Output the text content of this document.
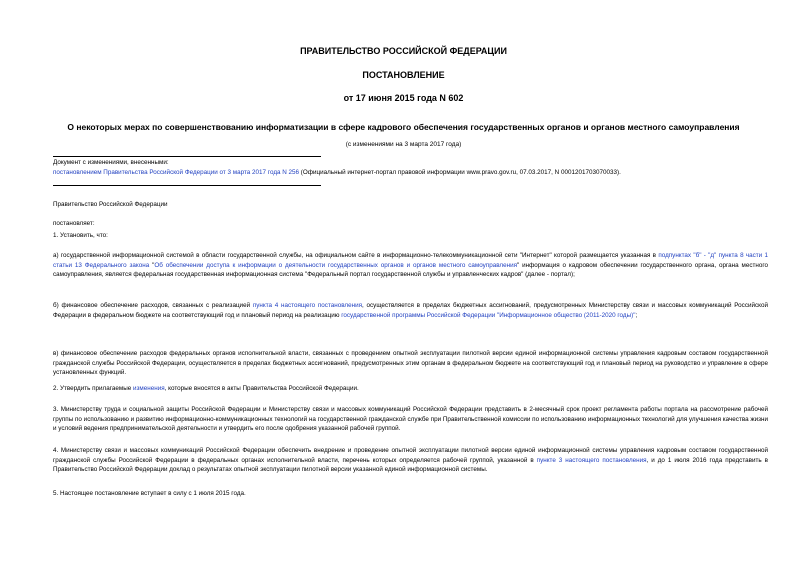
ПРАВИТЕЛЬСТВО РОССИЙСКОЙ ФЕДЕРАЦИИ
ПОСТАНОВЛЕНИЕ
от 17 июня 2015 года N 602
О некоторых мерах по совершенствованию информатизации в сфере кадрового обеспечения государственных органов и органов местного самоуправления
(с изменениями на 3 марта 2017 года)
Документ с изменениями, внесенными:
постановлением Правительства Российской Федерации от 3 марта 2017 года N 256 (Официальный интернет-портал правовой информации www.pravo.gov.ru, 07.03.2017, N 0001201703070033).
Правительство Российской Федерации
постановляет:
1. Установить, что:
а) государственной информационной системой в области государственной службы, на официальном сайте в информационно-телекоммуникационной сети "Интернет" которой размещается указанная в подпунктах "б" - "д" пункта 8 части 1 статьи 13 Федерального закона "Об обеспечении доступа к информации о деятельности государственных органов и органов местного самоуправления" информация о кадровом обеспечении государственного органа, органа местного самоуправления, является федеральная государственная информационная система "Федеральный портал государственной службы и управленческих кадров" (далее - портал);
б) финансовое обеспечение расходов, связанных с реализацией пункта 4 настоящего постановления, осуществляется в пределах бюджетных ассигнований, предусмотренных Министерству связи и массовых коммуникаций Российской Федерации в федеральном бюджете на соответствующий год и плановый период на реализацию государственной программы Российской Федерации "Информационное общество (2011-2020 годы)";
в) финансовое обеспечение расходов федеральных органов исполнительной власти, связанных с проведением опытной эксплуатации пилотной версии единой информационной системы управления кадровым составом государственной гражданской службы Российской Федерации, осуществляется в пределах бюджетных ассигнований, предусмотренных этим органам в федеральном бюджете на соответствующий год и плановый период на руководство и управление в сфере установленных функций.
2. Утвердить прилагаемые изменения, которые вносятся в акты Правительства Российской Федерации.
3. Министерству труда и социальной защиты Российской Федерации и Министерству связи и массовых коммуникаций Российской Федерации представить в 2-месячный срок проект регламента работы портала на рассмотрение рабочей группы по использованию и развитию информационно-коммуникационных технологий на государственной гражданской службе при Правительственной комиссии по использованию информационных технологий для улучшения качества жизни и условий ведения предпринимательской деятельности и утвердить его после одобрения указанной рабочей группой.
4. Министерству связи и массовых коммуникаций Российской Федерации обеспечить внедрение и проведение опытной эксплуатации пилотной версии единой информационной системы управления кадровым составом государственной гражданской службы Российской Федерации в федеральных органах исполнительной власти, перечень которых определяется рабочей группой, указанной в пункте 3 настоящего постановления, и до 1 июля 2016 года представить в Правительство Российской Федерации доклад о результатах опытной эксплуатации пилотной версии указанной единой информационной системы.
5. Настоящее постановление вступает в силу с 1 июля 2015 года.
